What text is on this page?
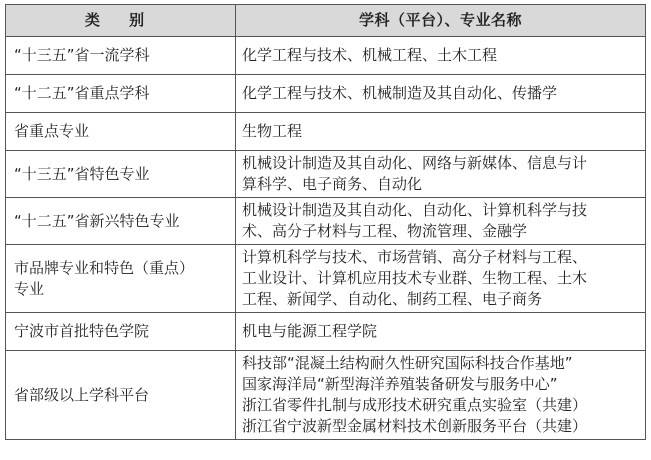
类 别	学科（平台）、专业名称

“十三五”省一流学科	化学工程与技术、机械工程、土木工程

“十二五”省重点学科	化学工程与技术、机械制造及其自动化、传播学

省重点专业	生物工程

“十三五”省特色专业	机械设计制造及其自动化、网络与新媒体、信息与计
算科学、电子商务、自动化

“十二五”省新兴特色专业	机械设计制造及其自动化、自动化、计算机科学与技
术、高分子材料与工程、物流管理、金融学

市品牌专业和特色（重点）
专业	计算机科学与技术、市场营销、高分子材料与工程、
工业设计、计算机应用技术专业群、生物工程、土木
工程、新闻学、自动化、制药工程、电子商务

宁波市首批特色学院	机电与能源工程学院

省部级以上学科平台	科技部“混凝土结构耐久性研究国际科技合作基地”
国家海洋局“新型海洋养殖装备研发与服务中心”
浙江省零件扎制与成形技术研究重点实验室（共建）
浙江省宁波新型金属材料技术创新服务平台（共建）
